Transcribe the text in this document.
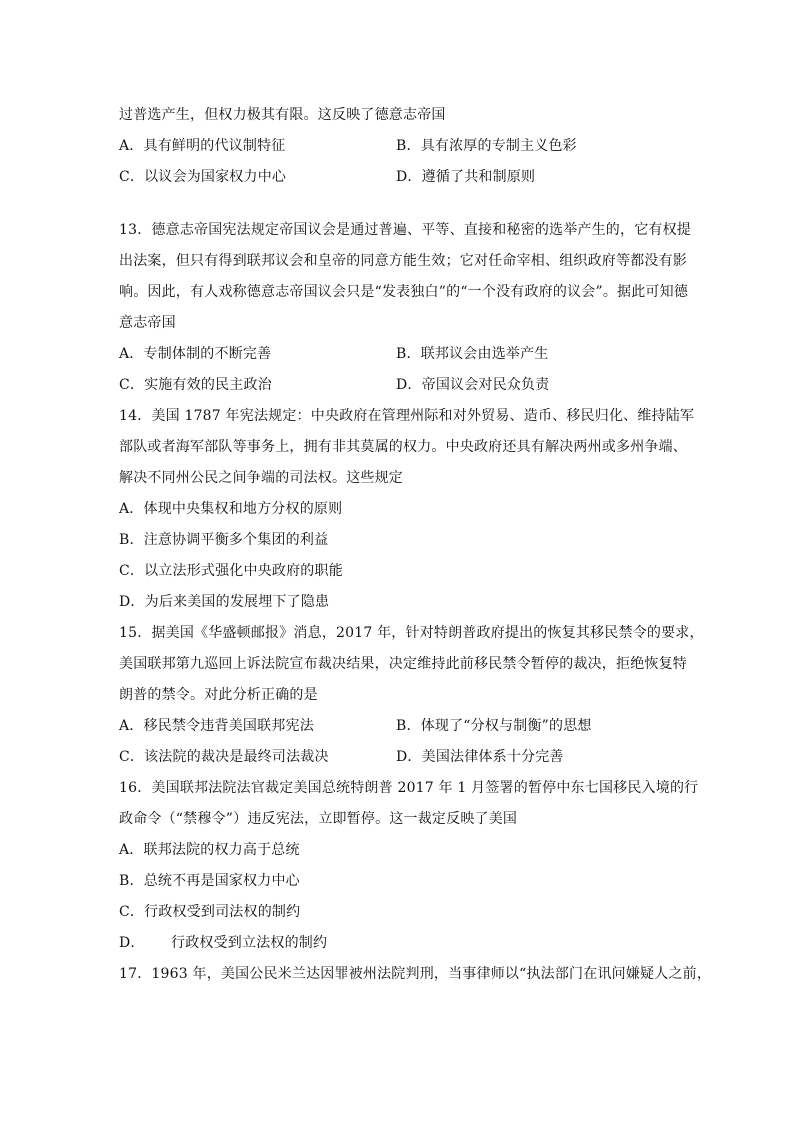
过普选产生，但权力极其有限。这反映了德意志帝国
A．具有鲜明的代议制特征	B．具有浓厚的专制主义色彩
C．以议会为国家权力中心	D．遵循了共和制原则
13．德意志帝国宪法规定帝国议会是通过普遍、平等、直接和秘密的选举产生的，它有权提
出法案，但只有得到联邦议会和皇帝的同意方能生效；它对任命宰相、组织政府等都没有影
响。因此，有人戏称德意志帝国议会只是“发表独白”的“一个没有政府的议会”。据此可知德
意志帝国
A．专制体制的不断完善	B．联邦议会由选举产生
C．实施有效的民主政治	D．帝国议会对民众负责
14．美国 1787 年宪法规定：中央政府在管理州际和对外贸易、造币、移民归化、维持陆军
部队或者海军部队等事务上，拥有非其莫属的权力。中央政府还具有解决两州或多州争端、
解决不同州公民之间争端的司法权。这些规定
A．体现中央集权和地方分权的原则
B．注意协调平衡多个集团的利益
C．以立法形式强化中央政府的职能
D．为后来美国的发展埋下了隐患
15．据美国《华盛顿邮报》消息，2017 年，针对特朗普政府提出的恢复其移民禁令的要求，
美国联邦第九巡回上诉法院宣布裁决结果，决定维持此前移民禁令暂停的裁决，拒绝恢复特
朗普的禁令。对此分析正确的是
A．移民禁令违背美国联邦宪法	B．体现了“分权与制衡”的思想
C．该法院的裁决是最终司法裁决	D．美国法律体系十分完善
16．美国联邦法院法官裁定美国总统特朗普 2017 年 1 月签署的暂停中东七国移民入境的行
政命令（“禁穆令”）违反宪法，立即暂停。这一裁定反映了美国
A．联邦法院的权力高于总统
B．总统不再是国家权力中心
C．行政权受到司法权的制约
D． 行政权受到立法权的制约
17．1963 年，美国公民米兰达因罪被州法院判刑，当事律师以“执法部门在讯问嫌疑人之前，
